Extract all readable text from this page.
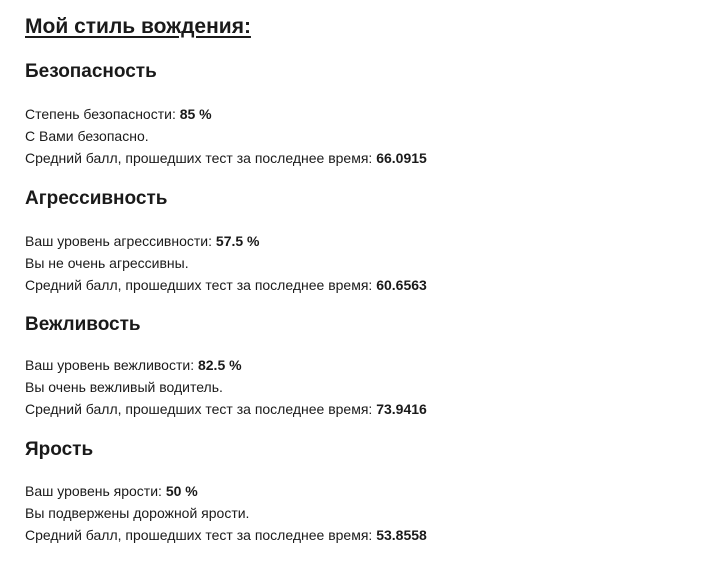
Мой стиль вождения:
Безопасность

Степень безопасности: 85 %
С Вами безопасно.
Средний балл, прошедших тест за последнее время: 66.0915

Агрессивность

Ваш уровень агрессивности: 57.5 %
Вы не очень агрессивны.
Средний балл, прошедших тест за последнее время: 60.6563

Вежливость

Ваш уровень вежливости: 82.5 %
Вы очень вежливый водитель.
Средний балл, прошедших тест за последнее время: 73.9416

Ярость

Ваш уровень ярости: 50 %
Вы подвержены дорожной ярости.
Средний балл, прошедших тест за последнее время: 53.8558
